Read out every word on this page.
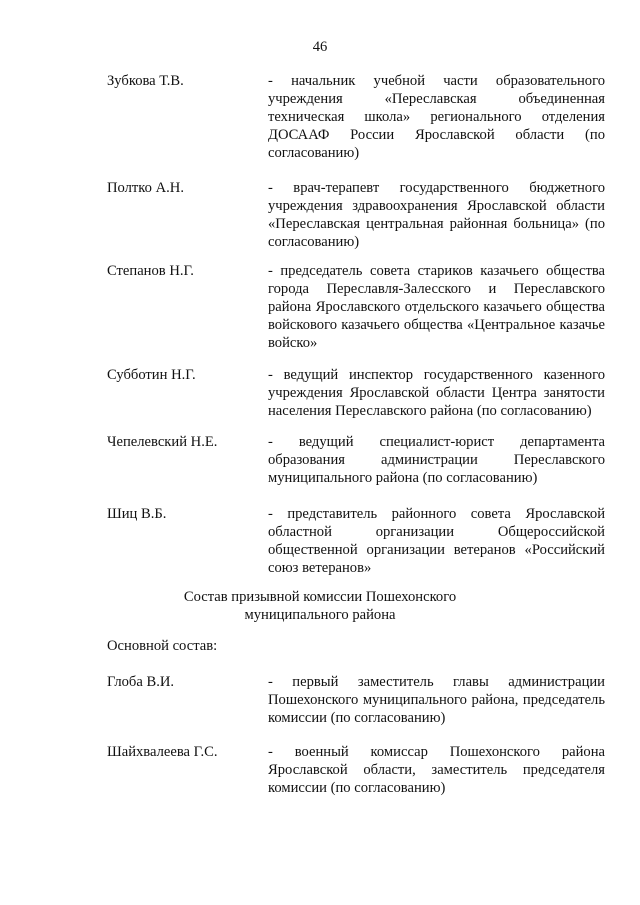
46
Зубкова Т.В.	- начальник учебной части образовательного учреждения «Переславская объединенная техническая школа» регионального отделения ДОСААФ России Ярославской области (по согласованию)
Полтко А.Н.	- врач-терапевт государственного бюджетного учреждения здравоохранения Ярославской области «Переславская центральная районная больница» (по согласованию)
Степанов Н.Г.	- председатель совета стариков казачьего общества города Переславля-Залесского и Переславского района Ярославского отдельского казачьего общества войскового казачьего общества «Центральное казачье войско»
Субботин Н.Г.	- ведущий инспектор государственного казенного учреждения Ярославской области Центра занятости населения Переславского района (по согласованию)
Чепелевский Н.Е.	- ведущий специалист-юрист департамента образования администрации Переславского муниципального района (по согласованию)
Шиц В.Б.	- представитель районного совета Ярославской областной организации Общероссийской общественной организации ветеранов «Российский союз ветеранов»
Состав призывной комиссии Пошехонского
муниципального района
Основной состав:
Глоба В.И.	- первый заместитель главы администрации Пошехонского муниципального района, председатель комиссии (по согласованию)
Шайхвалеева Г.С.	- военный комиссар Пошехонского района Ярославской области, заместитель председателя комиссии (по согласованию)
